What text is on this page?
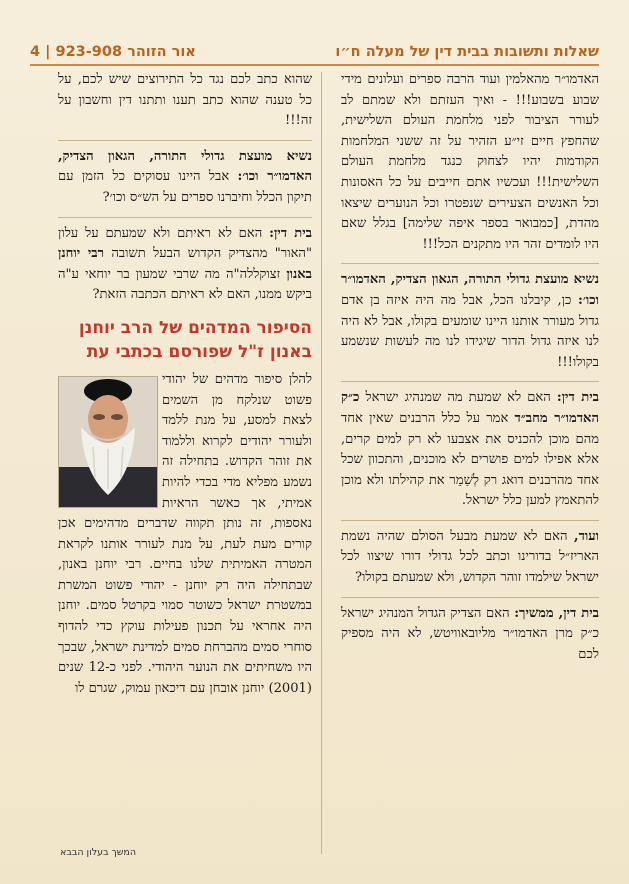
שאלות ותשובות בבית דין של מעלה ח״ו
אור הזוהר 923-908 | 4

האדמו״ר מהאלמין ועוד הרבה ספרים ועלונים מידי שבוע בשבוע!!! - ואיך העזתם ולא שמתם לב לעורר הציבור לפני מלחמת העולם השלישית, שהחפץ חיים זי״ע הזהיר על זה ששני המלחמות הקודמות יהיו לצחוק כנגד מלחמת העולם השלישית!!! ועכשיו אתם חייבים על כל האסונות וכל האנשים הצעירים שנפטרו וכל הנוערים שיצאו מהדת, [כמבואר בספר איפה שלימה] בגלל שאם היו לומדים זהר היו מתקנים הכל!!!

נשיא מועצת גדולי התורה, הגאון הצדיק, האדמו״ר וכו׳: כן, קיבלנו הכל, אבל מה היה איזה בן אדם גדול מעורר אותנו היינו שומעים בקולו, אבל לא היה לנו איזה גדול הדור שיגידו לנו מה לעשות שנשמע בקולו!!!

בית דין: האם לא שמעת מה שמנהיג ישראל כ״ק האדמו״ר מחב״ד אמר על כלל הרבנים שאין אחד מהם מוכן להכניס את אצבעו לא רק למים קרים, אלא אפילו למים פושרים לא מוכנים, והתכוון שכל אחד מהרבנים דואג רק לְשַׁמֵר את קהילתו ולא מוכן להתאמץ למען כלל ישראל.

ועוד, האם לא שמעת מבעל הסולם שהיה נשמת האריז״ל בדורינו וכתב לכל גדולי דורו שיצוו לכל ישראל שילמדו זוהר הקדוש, ולא שמעתם בקולו?

בית דין, ממשיך: האם הצדיק הגדול המנהיג ישראל כ״ק מרן האדמו״ר מליובאוויטש, לא היה מספיק לכם

שהוא כתב לכם נגד כל התירוצים שיש לכם, על כל טענה שהוא כתב תענו ותתנו דין וחשבון על זה!!!

נשיא מועצת גדולי התורה, הגאון הצדיק, האדמו״ר וכו׳: אבל היינו עסוקים כל הזמן עם תיקון הכלל וחיברנו ספרים על הש״ס וכו׳?

בית דין: האם לא ראיתם ולא שמעתם על עלון "האור" מהצדיק הקדוש הבעל תשובה רבי יוחנן באנון זצוקללה"ה מה שרבי שמעון בר יוחאי ע"ה ביקש ממנו, האם לא ראיתם הכתבה הזאת?

הסיפור המדהים של הרב יוחנן באנון ז"ל שפורסם בכתבי עת

להלן סיפור מדהים של יהודי פשוט שנלקח מן השמים לצאת למסע, על מנת ללמד ולעורר יהודים לקרוא וללמוד את זוהר הקדוש. בתחילה זה נשמע מפליא מדי בכדי להיות אמיתי, אך כאשר הראיות נאספות, זה נותן תקווה שדברים מדהימים אכן קורים מעת לעת, על מנת לעורר אותנו לקראת המטרה האמיתית שלנו בחיים. רבי יוחנן באנון, שבתחילה היה רק יוחנן - יהודי פשוט המשרת במשטרת ישראל כשוטר סמוי בקרטל סמים. יוחנן היה אחראי על תכנון פעילות עוקץ כדי להדוף סוחרי סמים מהברחת סמים למדינת ישראל, שבכך היו משחיתים את הנוער היהודי. לפני כ-12 שנים (2001) יוחנן אובחן עם דיכאון עמוק, שגרם לו

המשך בעלון הבבא
